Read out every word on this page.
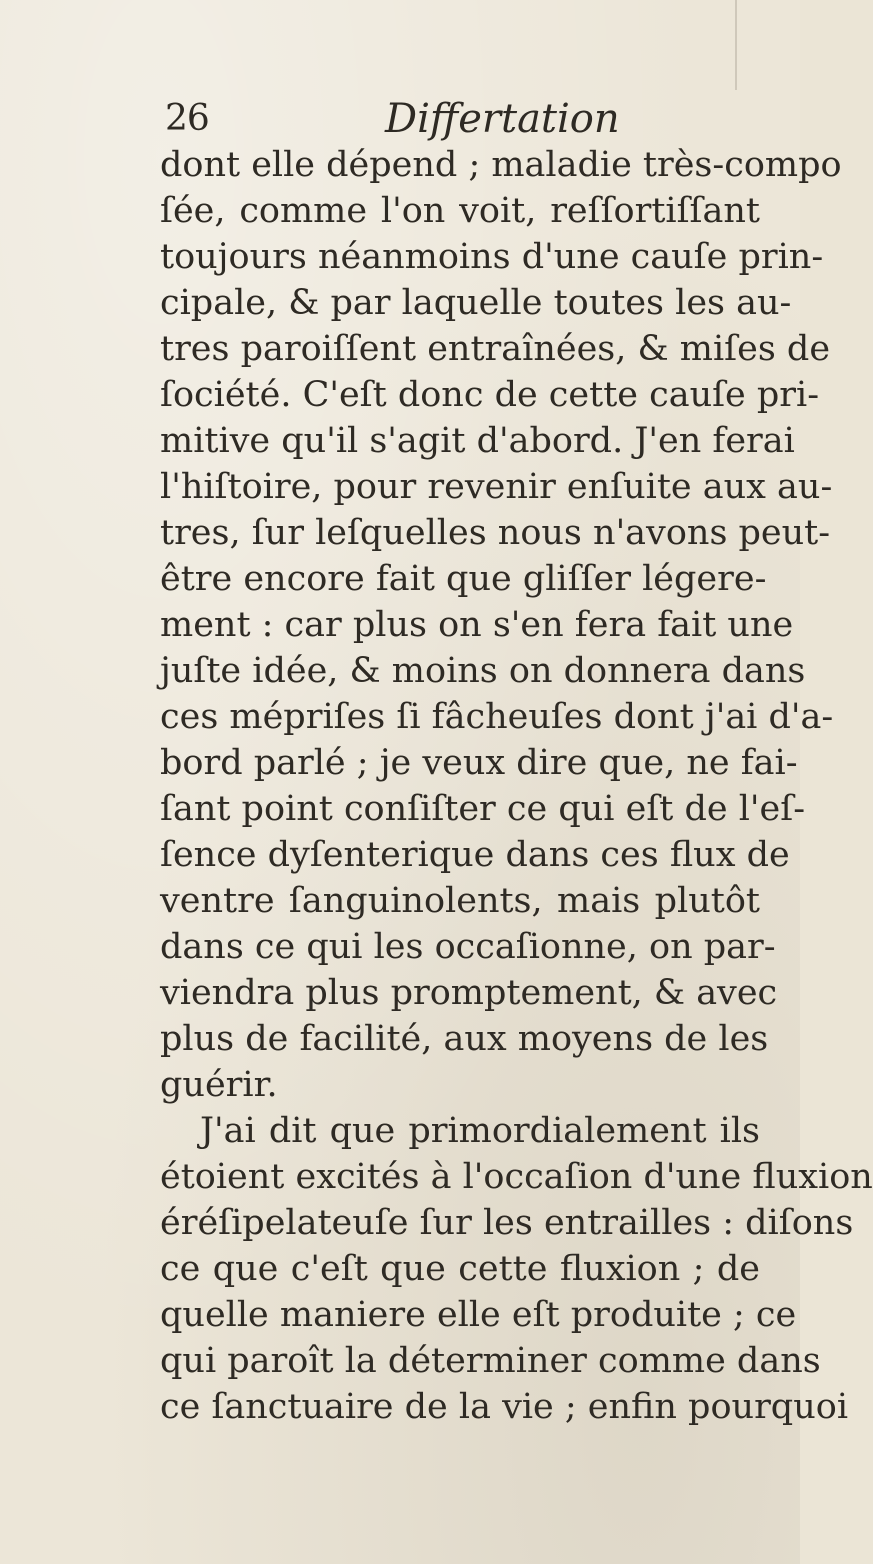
26	Differtation
dont elle dépend ; maladie très-compo
ſée, comme l'on voit, reſſortiſſant
toujours néanmoins d'une cauſe prin-
cipale, & par laquelle toutes les au-
tres paroiſſent entraînées, & miſes de
ſociété. C'eſt donc de cette cauſe pri-
mitive qu'il s'agit d'abord. J'en ferai
l'hiſtoire, pour revenir enſuite aux au-
tres, ſur leſquelles nous n'avons peut-
être encore fait que gliſſer légere-
ment : car plus on s'en fera fait une
juſte idée, & moins on donnera dans
ces mépriſes ſi fâcheuſes dont j'ai d'a-
bord parlé ; je veux dire que, ne fai-
ſant point conſiſter ce qui eſt de l'eſ-
ſence dyſenterique dans ces flux de
ventre ſanguinolents, mais plutôt
dans ce qui les occaſionne, on par-
viendra plus promptement, & avec
plus de facilité, aux moyens de les
guérir.
J'ai dit que primordialement ils
étoient excités à l'occaſion d'une fluxion
éréſipelateuſe ſur les entrailles : diſons
ce que c'eſt que cette fluxion ; de
quelle maniere elle eſt produite ; ce
qui paroît la déterminer comme dans
ce ſanctuaire de la vie ; enfin pourquoi
